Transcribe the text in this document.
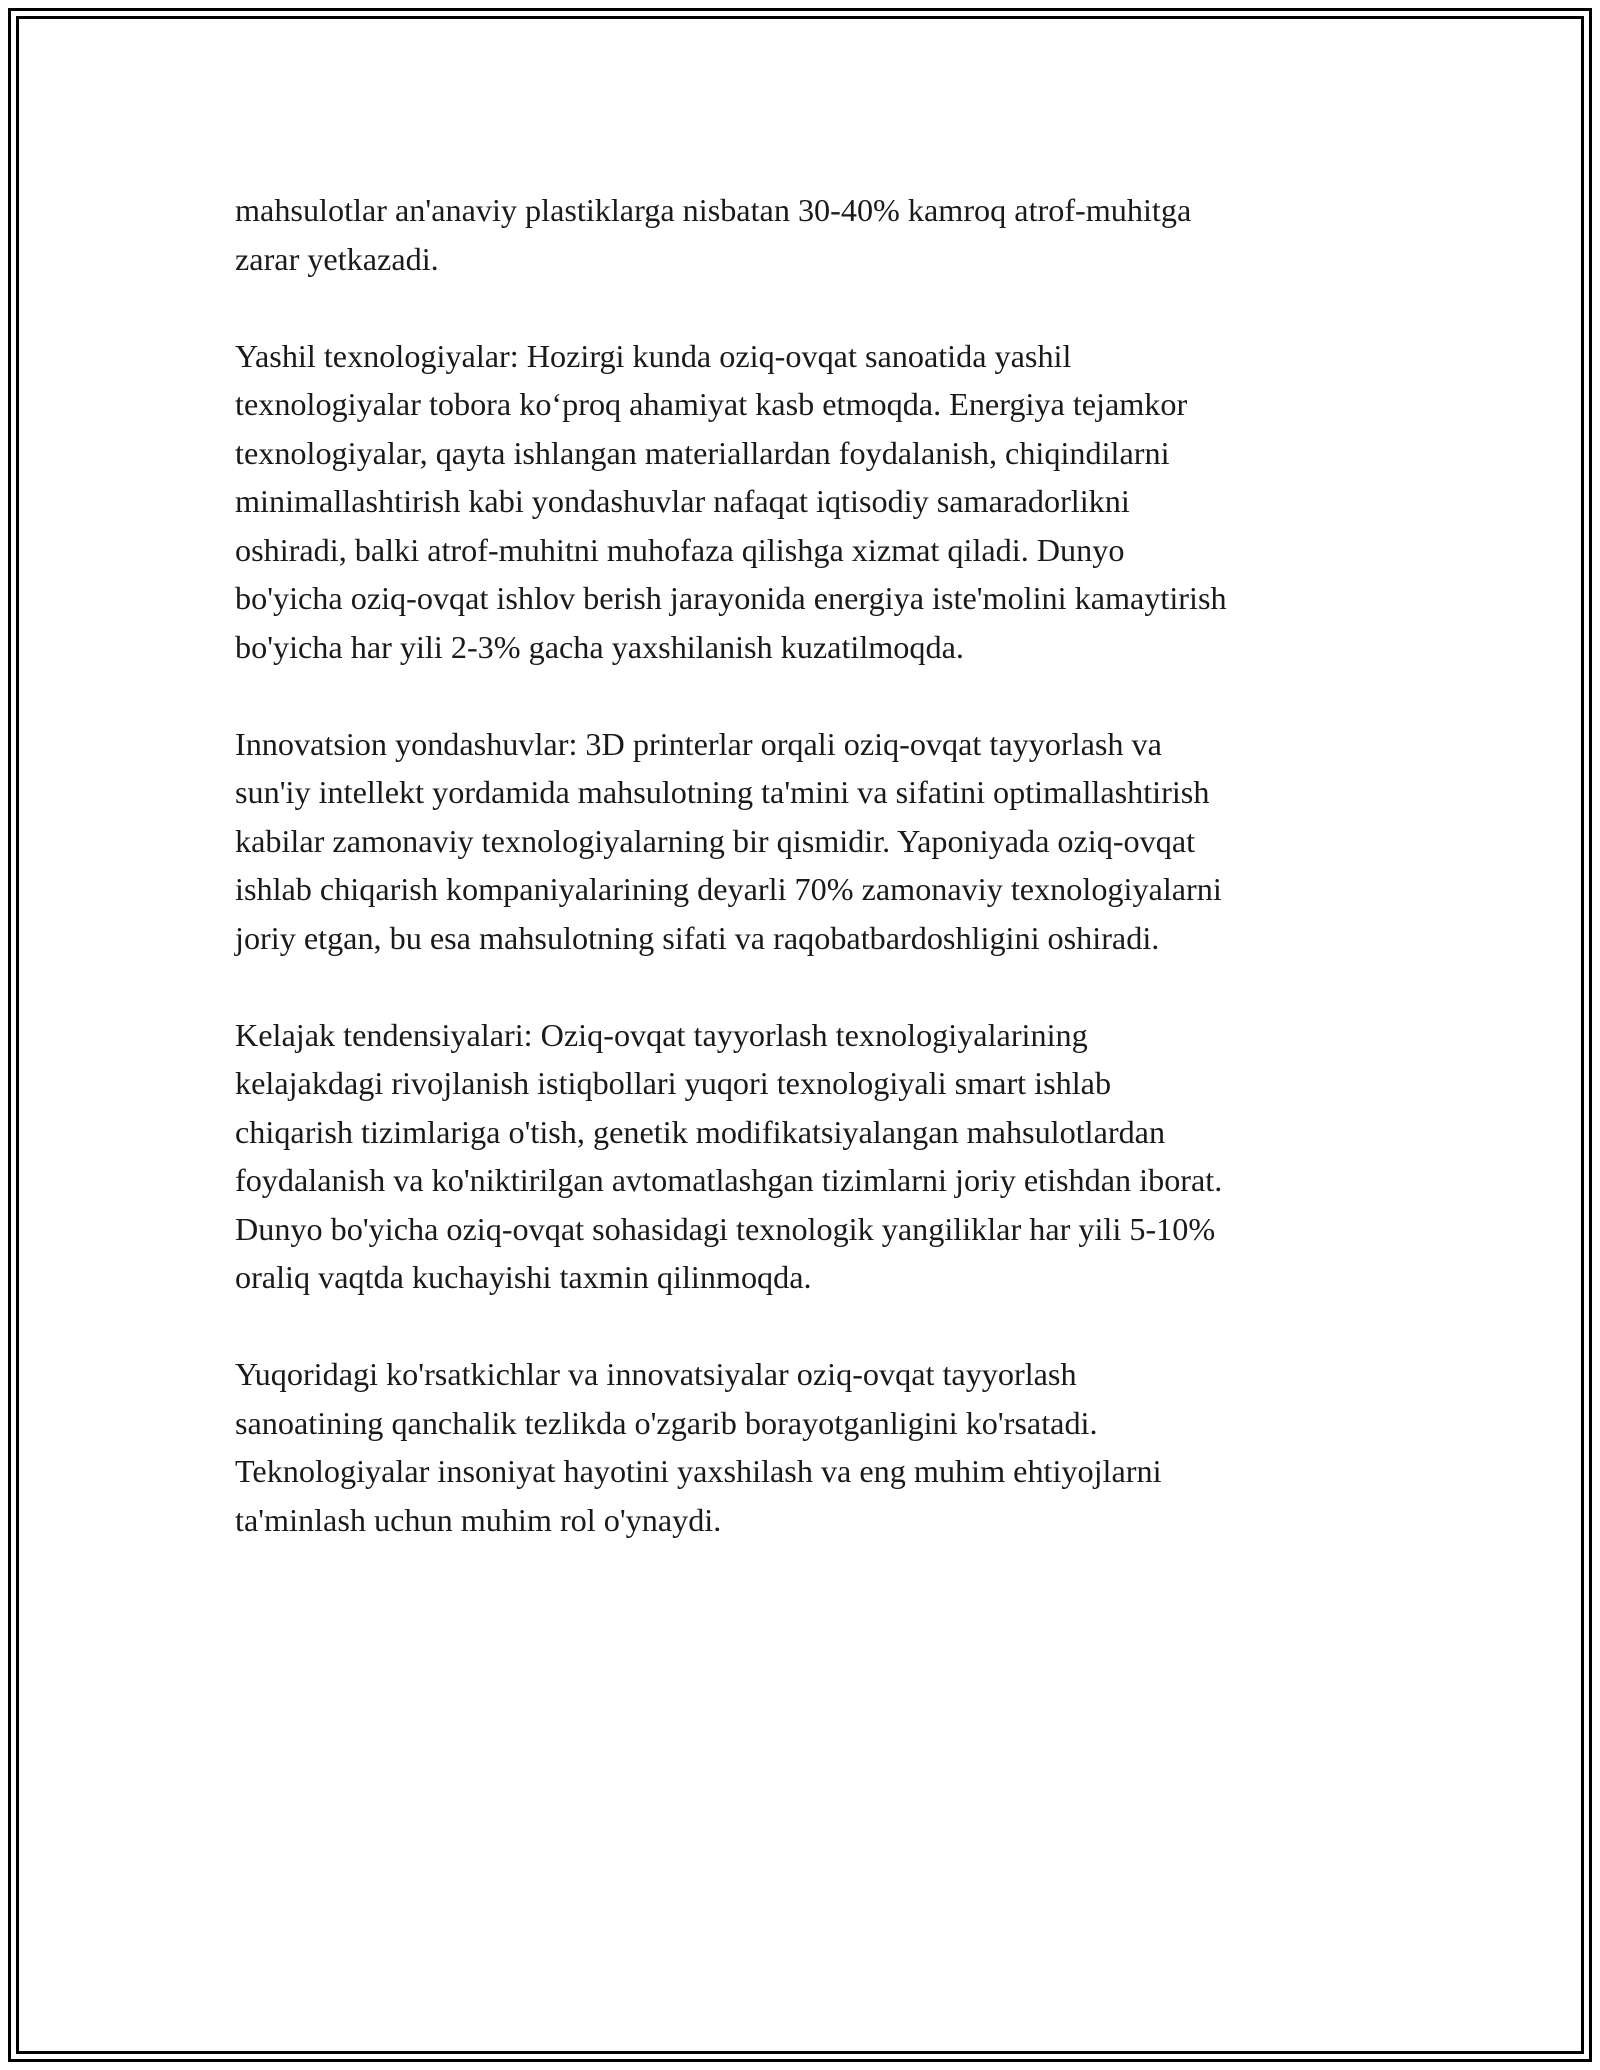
mahsulotlar an'anaviy plastiklarga nisbatan 30-40% kamroq atrof-muhitga
zarar yetkazadi.

Yashil texnologiyalar: Hozirgi kunda oziq-ovqat sanoatida yashil
texnologiyalar tobora koʻproq ahamiyat kasb etmoqda. Energiya tejamkor
texnologiyalar, qayta ishlangan materiallardan foydalanish, chiqindilarni
minimallashtirish kabi yondashuvlar nafaqat iqtisodiy samaradorlikni
oshiradi, balki atrof-muhitni muhofaza qilishga xizmat qiladi. Dunyo
bo'yicha oziq-ovqat ishlov berish jarayonida energiya iste'molini kamaytirish
bo'yicha har yili 2-3% gacha yaxshilanish kuzatilmoqda.

Innovatsion yondashuvlar: 3D printerlar orqali oziq-ovqat tayyorlash va
sun'iy intellekt yordamida mahsulotning ta'mini va sifatini optimallashtirish
kabilar zamonaviy texnologiyalarning bir qismidir. Yaponiyada oziq-ovqat
ishlab chiqarish kompaniyalarining deyarli 70% zamonaviy texnologiyalarni
joriy etgan, bu esa mahsulotning sifati va raqobatbardoshligini oshiradi.

Kelajak tendensiyalari: Oziq-ovqat tayyorlash texnologiyalarining
kelajakdagi rivojlanish istiqbollari yuqori texnologiyali smart ishlab
chiqarish tizimlariga o'tish, genetik modifikatsiyalangan mahsulotlardan
foydalanish va ko'niktirilgan avtomatlashgan tizimlarni joriy etishdan iborat.
Dunyo bo'yicha oziq-ovqat sohasidagi texnologik yangiliklar har yili 5-10%
oraliq vaqtda kuchayishi taxmin qilinmoqda.

Yuqoridagi ko'rsatkichlar va innovatsiyalar oziq-ovqat tayyorlash
sanoatining qanchalik tezlikda o'zgarib borayotganligini ko'rsatadi.
Teknologiyalar insoniyat hayotini yaxshilash va eng muhim ehtiyojlarni
ta'minlash uchun muhim rol o'ynaydi.
